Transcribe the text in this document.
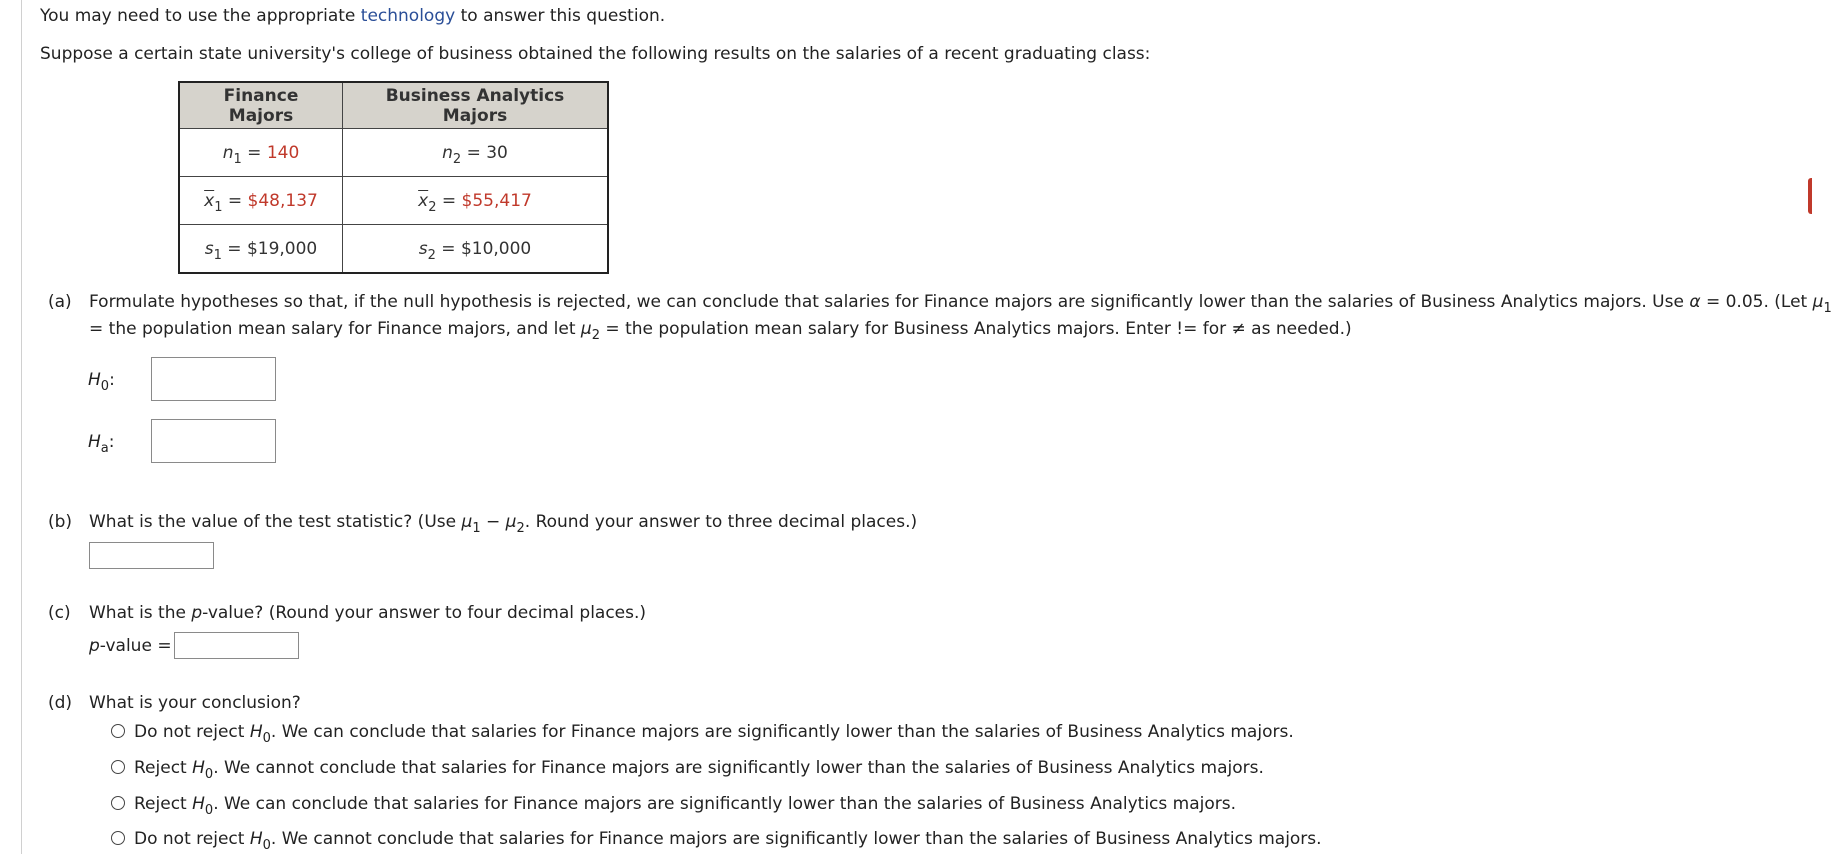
You may need to use the appropriate technology to answer this question.
Suppose a certain state university's college of business obtained the following results on the salaries of a recent graduating class:
Finance Majors	Business Analytics Majors
$n_1 = 140$	$n_2 = 30$
$\overline{x}_1$ = $48,137	$\overline{x}_2$ = $55,417
$s_1$ = $19,000	$s_2$ = $10,000
(a) Formulate hypotheses so that, if the null hypothesis is rejected, we can conclude that salaries for Finance majors are significantly lower than the salaries of Business Analytics majors. Use α = 0.05. (Let $\mu_1$
= the population mean salary for Finance majors, and let $\mu_2$ = the population mean salary for Business Analytics majors. Enter != for ≠ as needed.)
$H_0$:
$H_a$:
(b) What is the value of the test statistic? (Use $\mu_1 - \mu_2$. Round your answer to three decimal places.)
(c) What is the p-value? (Round your answer to four decimal places.)
p-value =
(d) What is your conclusion?
Do not reject $H_0$. We can conclude that salaries for Finance majors are significantly lower than the salaries of Business Analytics majors.
Reject $H_0$. We cannot conclude that salaries for Finance majors are significantly lower than the salaries of Business Analytics majors.
Reject $H_0$. We can conclude that salaries for Finance majors are significantly lower than the salaries of Business Analytics majors.
Do not reject $H_0$. We cannot conclude that salaries for Finance majors are significantly lower than the salaries of Business Analytics majors.
